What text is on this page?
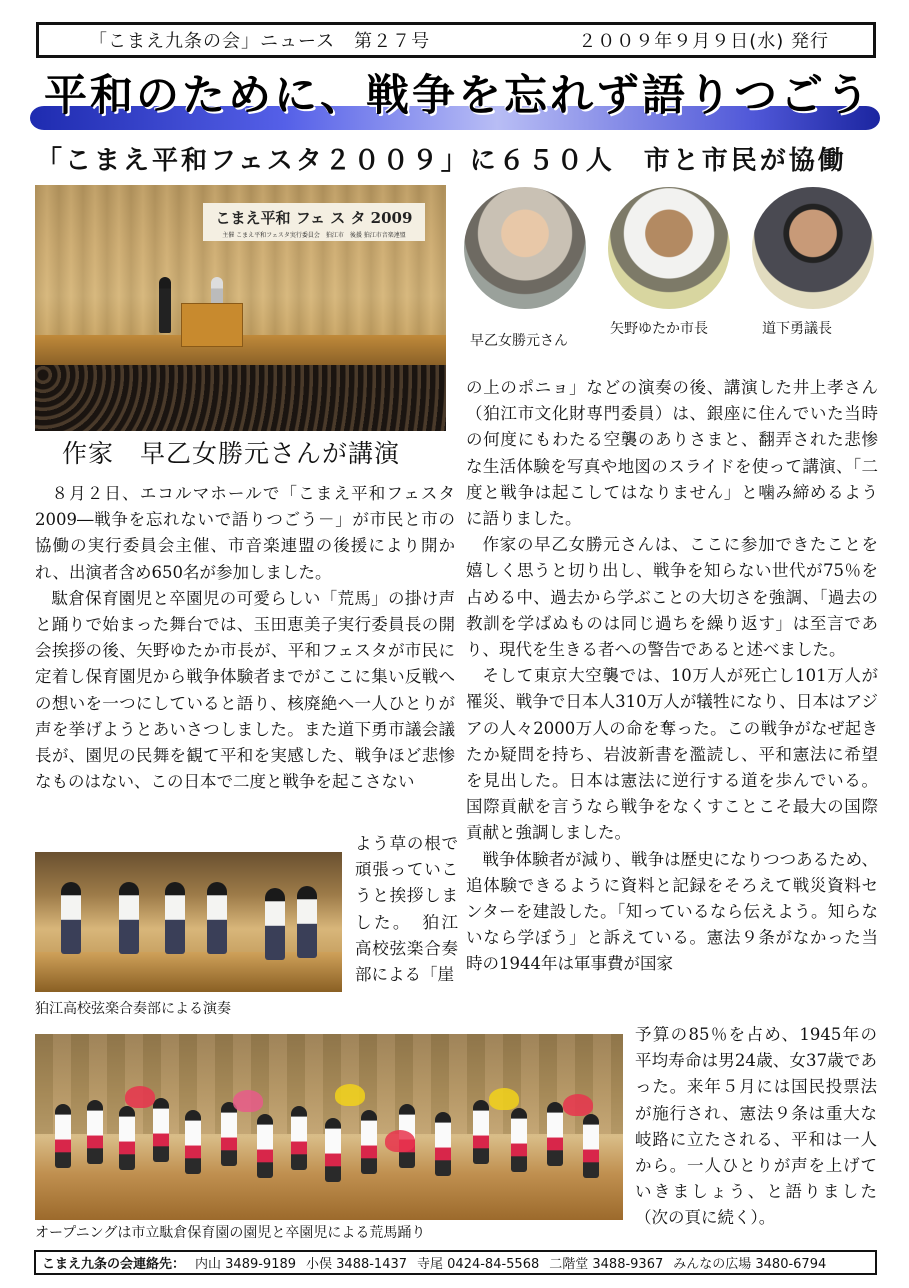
「こまえ九条の会」ニュース　第２７号	２００９年９月９日(水) 発行
平和のために、戦争を忘れず語りつごう
「こまえ平和フェスタ２００９」に６５０人　市と市民が協働
こまえ平和 フェ ス タ 2009
主催 こまえ平和フェスタ実行委員会　狛江市　後援 狛江市音楽連盟
早乙女勝元さん
矢野ゆたか市長	道下勇議長
作家　早乙女勝元さんが講演

８月２日、エコルマホールで「こまえ平和フェスタ2009―戦争を忘れないで語りつごう－」が市民と市の協働の実行委員会主催、市音楽連盟の後援により開かれ、出演者含め650名が参加しました。

駄倉保育園児と卒園児の可愛らしい「荒馬」の掛け声と踊りで始まった舞台では、玉田恵美子実行委員長の開会挨拶の後、矢野ゆたか市長が、平和フェスタが市民に定着し保育園児から戦争体験者までがここに集い反戦への想いを一つにしていると語り、核廃絶へ一人ひとりが声を挙げようとあいさつしました。また道下勇市議会議長が、園児の民舞を観て平和を実感した、戦争ほど悲惨なものはない、この日本で二度と戦争を起こさない

狛江高校弦楽合奏部による演奏
よう草の根で頑張っていこうと挨拶しました。　狛江高校弦楽合奏部による「崖

の上のポニョ」などの演奏の後、講演した井上孝さん（狛江市文化財専門委員）は、銀座に住んでいた当時の何度にもわたる空襲のありさまと、翻弄された悲惨な生活体験を写真や地図のスライドを使って講演、「二度と戦争は起こしてはなりません」と噛み締めるように語りました。

作家の早乙女勝元さんは、ここに参加できたことを嬉しく思うと切り出し、戦争を知らない世代が75％を占める中、過去から学ぶことの大切さを強調、「過去の教訓を学ばぬものは同じ過ちを繰り返す」は至言であり、現代を生きる者への警告であると述べました。

そして東京大空襲では、10万人が死亡し101万人が罹災、戦争で日本人310万人が犠牲になり、日本はアジアの人々2000万人の命を奪った。この戦争がなぜ起きたか疑問を持ち、岩波新書を濫読し、平和憲法に希望を見出した。日本は憲法に逆行する道を歩んでいる。国際貢献を言うなら戦争をなくすことこそ最大の国際貢献と強調しました。

戦争体験者が減り、戦争は歴史になりつつあるため、追体験できるように資料と記録をそろえて戦災資料センターを建設した。「知っているなら伝えよう。知らないなら学ぼう」と訴えている。憲法９条がなかった当時の1944年は軍事費が国家

オープニングは市立駄倉保育園の園児と卒園児による荒馬踊り
予算の85％を占め、1945年の平均寿命は男24歳、女37歳であった。来年５月には国民投票法が施行され、憲法９条は重大な岐路に立たされる、平和は一人から。一人ひとりが声を上げていきましょう、と語りました（次の頁に続く）。
こまえ九条の会連絡先： 内山 3489-9189 小俣 3488-1437 寺尾 0424-84-5568 二階堂 3488-9367 みんなの広場 3480-6794
